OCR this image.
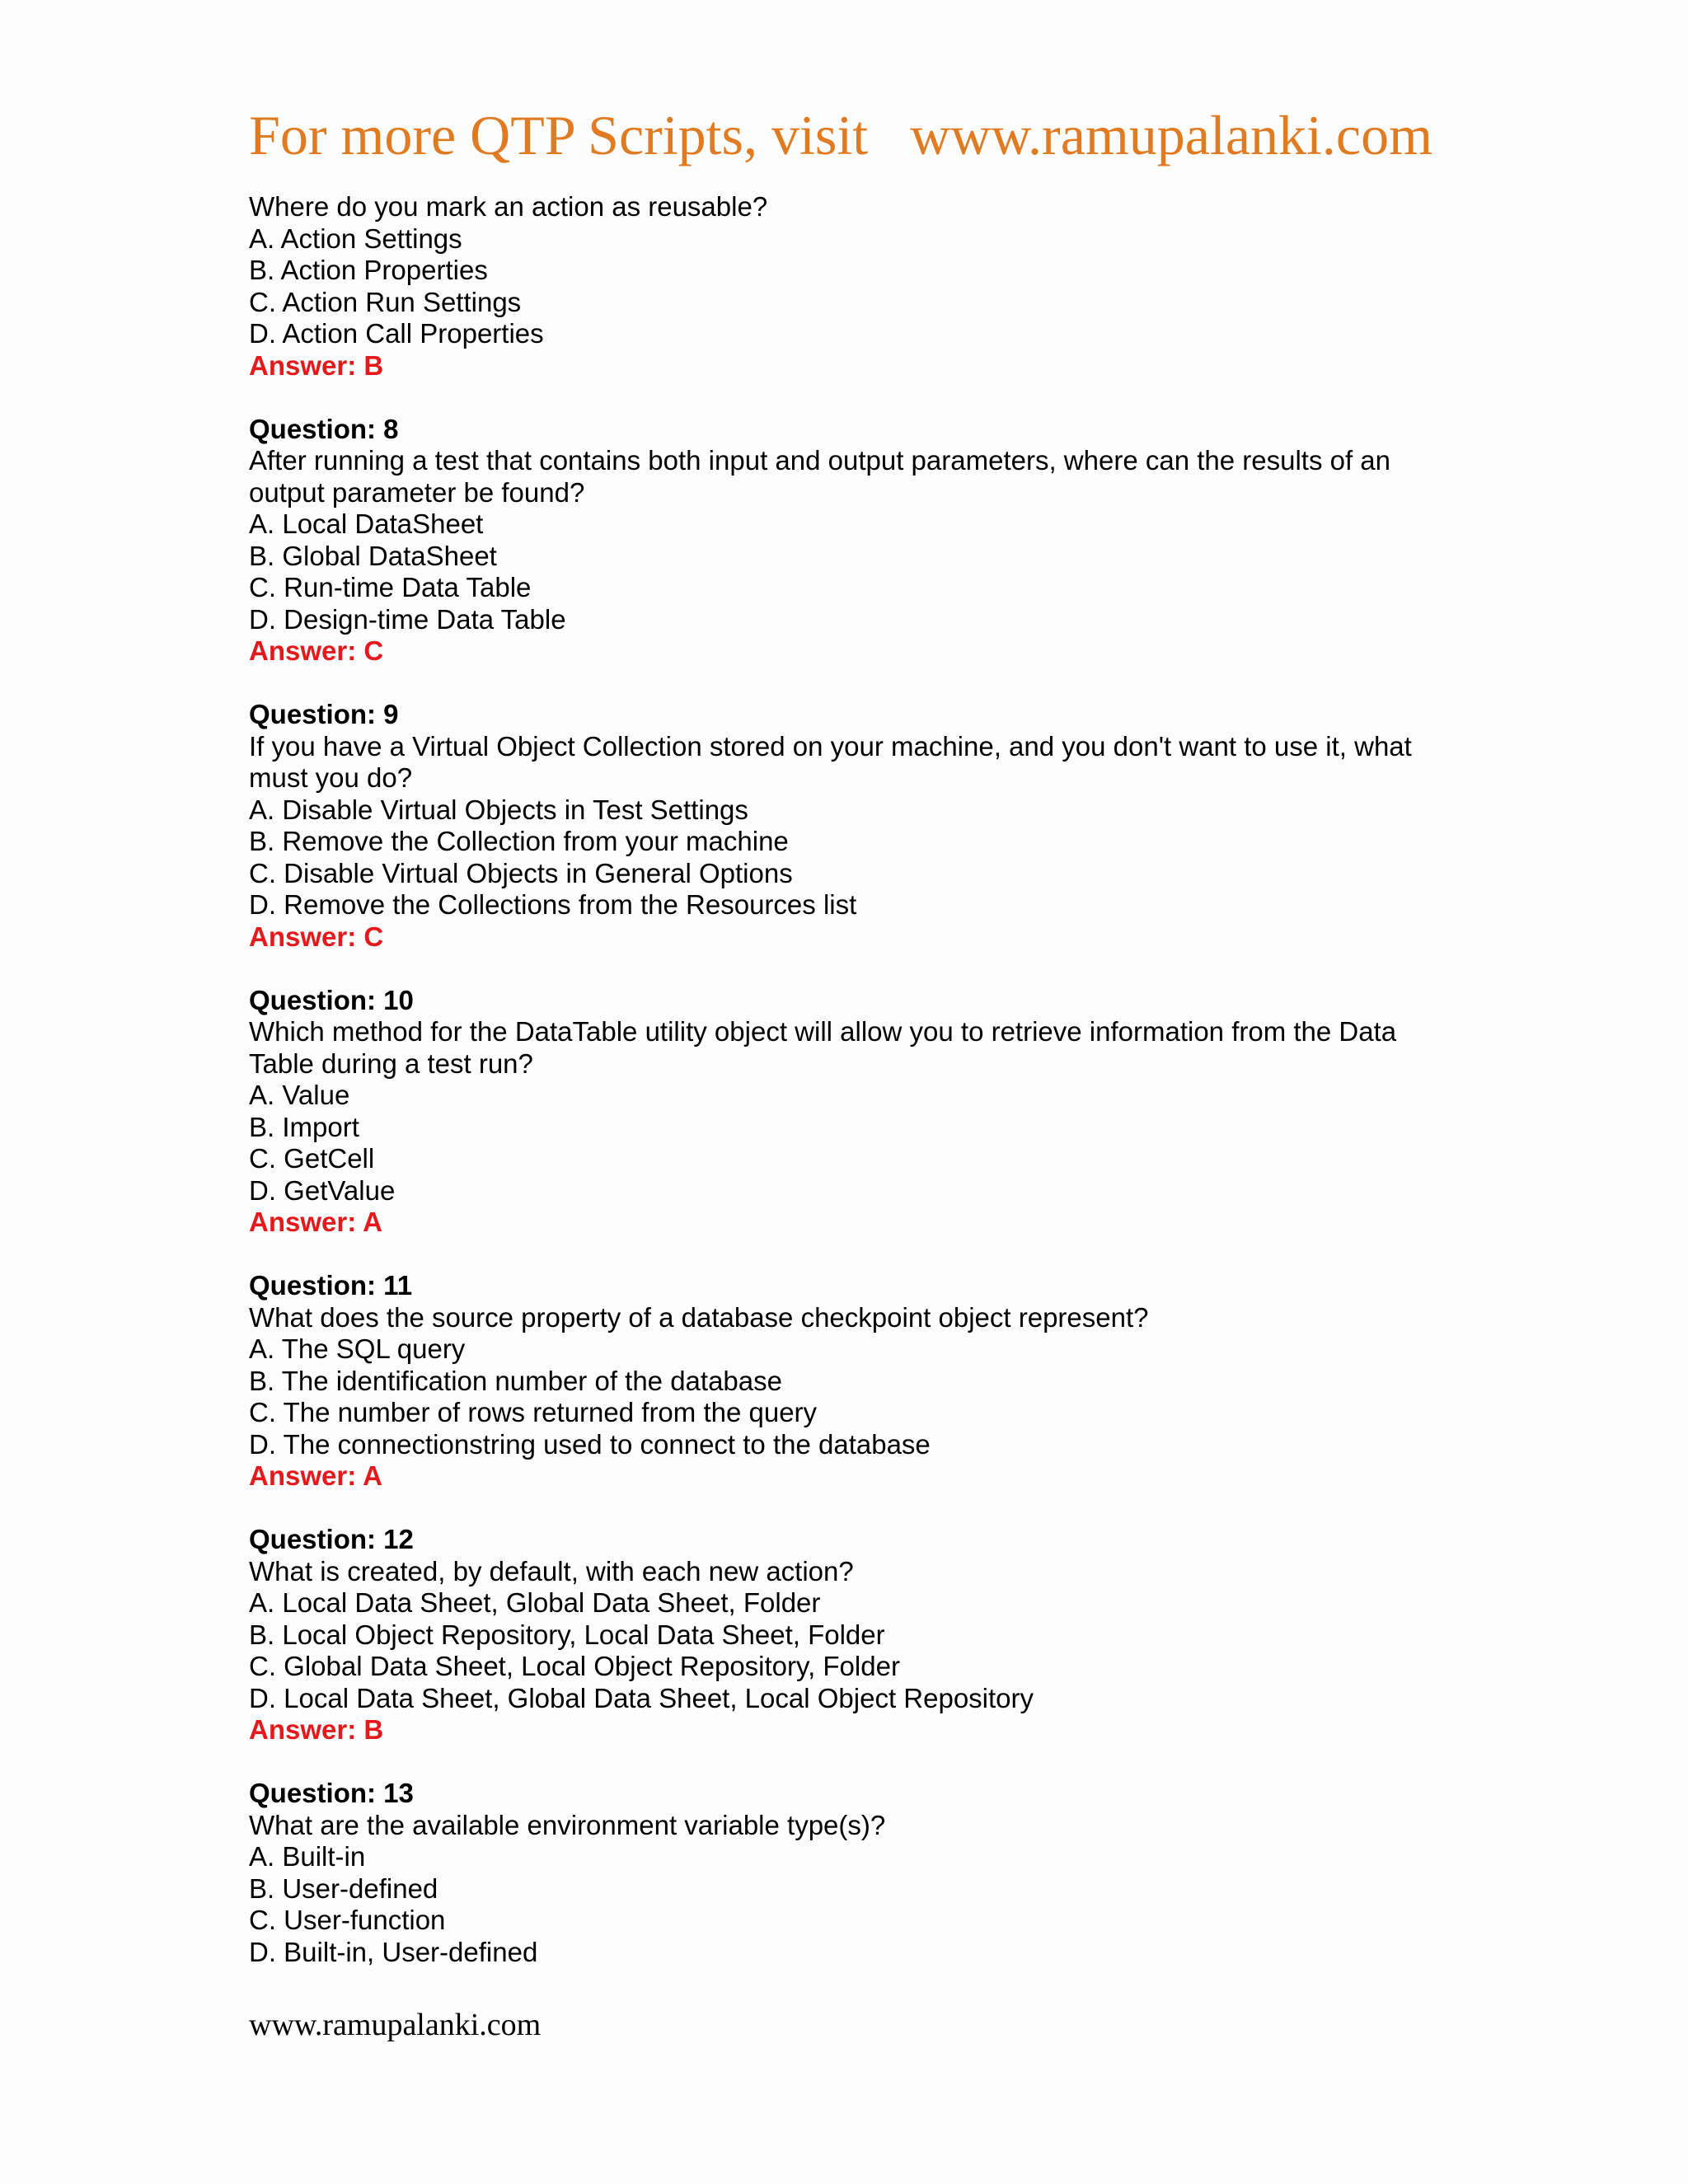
For more QTP Scripts, visit   www.ramupalanki.com
Where do you mark an action as reusable?
A. Action Settings
B. Action Properties
C. Action Run Settings
D. Action Call Properties
Answer: B
Question: 8
After running a test that contains both input and output parameters, where can the results of an
output parameter be found?
A. Local DataSheet
B. Global DataSheet
C. Run-time Data Table
D. Design-time Data Table
Answer: C
Question: 9
If you have a Virtual Object Collection stored on your machine, and you don't want to use it, what
must you do?
A. Disable Virtual Objects in Test Settings
B. Remove the Collection from your machine
C. Disable Virtual Objects in General Options
D. Remove the Collections from the Resources list
Answer: C
Question: 10
Which method for the DataTable utility object will allow you to retrieve information from the Data
Table during a test run?
A. Value
B. Import
C. GetCell
D. GetValue
Answer: A
Question: 11
What does the source property of a database checkpoint object represent?
A. The SQL query
B. The identification number of the database
C. The number of rows returned from the query
D. The connectionstring used to connect to the database
Answer: A
Question: 12
What is created, by default, with each new action?
A. Local Data Sheet, Global Data Sheet, Folder
B. Local Object Repository, Local Data Sheet, Folder
C. Global Data Sheet, Local Object Repository, Folder
D. Local Data Sheet, Global Data Sheet, Local Object Repository
Answer: B
Question: 13
What are the available environment variable type(s)?
A. Built-in
B. User-defined
C. User-function
D. Built-in, User-defined
www.ramupalanki.com
